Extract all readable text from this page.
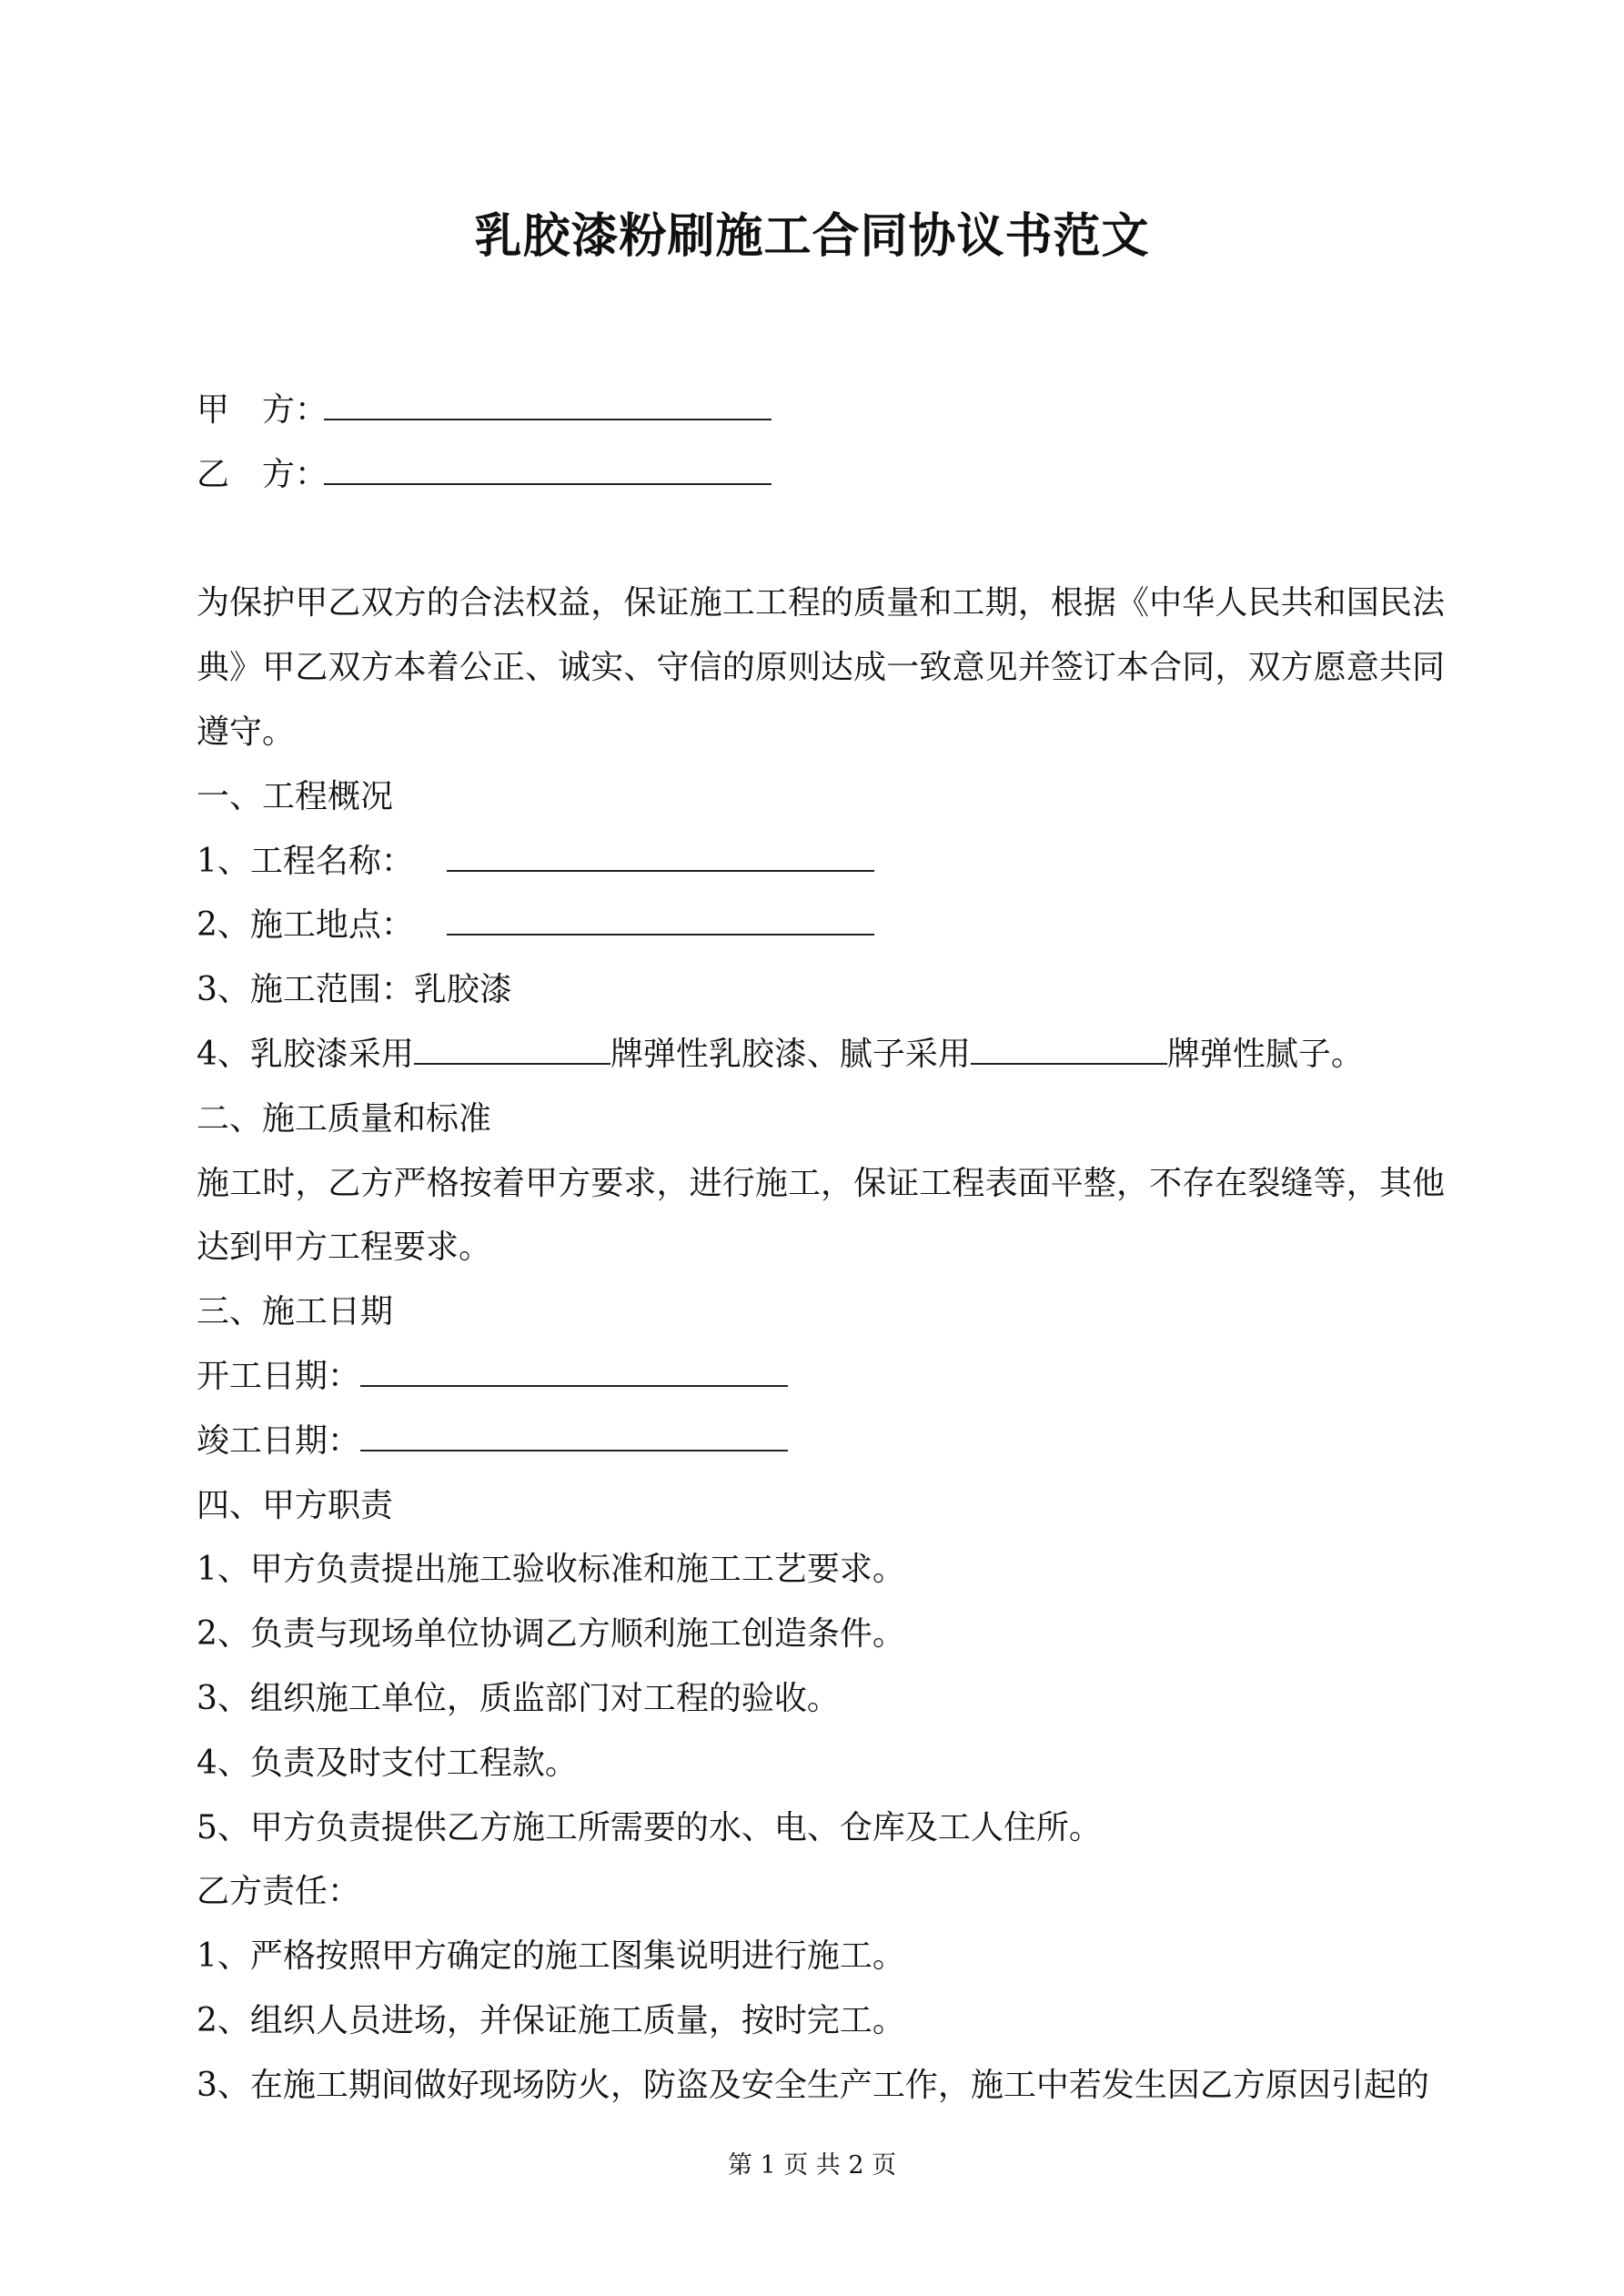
乳胶漆粉刷施工合同协议书范文
甲　方：
乙　方：
为保护甲乙双方的合法权益，保证施工工程的质量和工期，根据《中华人民共和国民法典》甲乙双方本着公正、诚实、守信的原则达成一致意见并签订本合同，双方愿意共同遵守。
一、工程概况
1、工程名称：
2、施工地点：
3、施工范围：乳胶漆
4、乳胶漆采用	牌弹性乳胶漆、腻子采用	牌弹性腻子。
二、施工质量和标准
施工时，乙方严格按着甲方要求，进行施工，保证工程表面平整，不存在裂缝等，其他达到甲方工程要求。
三、施工日期
开工日期：
竣工日期：
四、甲方职责
1、甲方负责提出施工验收标准和施工工艺要求。
2、负责与现场单位协调乙方顺利施工创造条件。
3、组织施工单位，质监部门对工程的验收。
4、负责及时支付工程款。
5、甲方负责提供乙方施工所需要的水、电、仓库及工人住所。
乙方责任：
1、严格按照甲方确定的施工图集说明进行施工。
2、组织人员进场，并保证施工质量，按时完工。
3、在施工期间做好现场防火，防盗及安全生产工作，施工中若发生因乙方原因引起的
第 1 页 共 2 页
